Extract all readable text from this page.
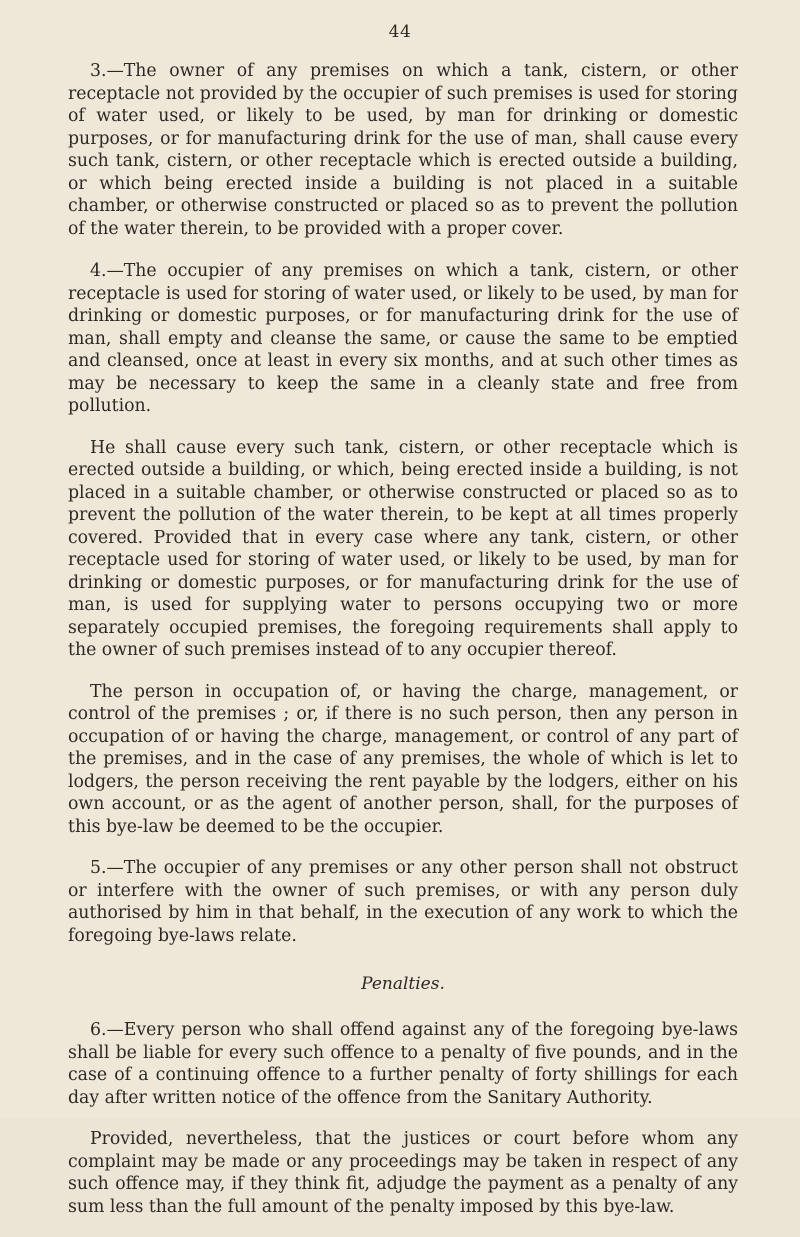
44

3.—The owner of any premises on which a tank, cistern, or other receptacle not provided by the occupier of such premises is used for storing of water used, or likely to be used, by man for drinking or domestic purposes, or for manufacturing drink for the use of man, shall cause every such tank, cistern, or other receptacle which is erected outside a building, or which being erected inside a building is not placed in a suitable chamber, or otherwise constructed or placed so as to prevent the pollution of the water therein, to be provided with a proper cover.

4.—The occupier of any premises on which a tank, cistern, or other receptacle is used for storing of water used, or likely to be used, by man for drinking or domestic purposes, or for manufacturing drink for the use of man, shall empty and cleanse the same, or cause the same to be emptied and cleansed, once at least in every six months, and at such other times as may be necessary to keep the same in a cleanly state and free from pollution.

He shall cause every such tank, cistern, or other receptacle which is erected outside a building, or which, being erected inside a building, is not placed in a suitable chamber, or otherwise constructed or placed so as to prevent the pollution of the water therein, to be kept at all times properly covered. Provided that in every case where any tank, cistern, or other receptacle used for storing of water used, or likely to be used, by man for drinking or domestic purposes, or for manufacturing drink for the use of man, is used for supplying water to persons occupying two or more separately occupied premises, the foregoing requirements shall apply to the owner of such premises instead of to any occupier thereof.

The person in occupation of, or having the charge, management, or control of the premises ; or, if there is no such person, then any person in occupation of or having the charge, management, or control of any part of the premises, and in the case of any premises, the whole of which is let to lodgers, the person receiving the rent payable by the lodgers, either on his own account, or as the agent of another person, shall, for the purposes of this bye-law be deemed to be the occupier.

5.—The occupier of any premises or any other person shall not obstruct or interfere with the owner of such premises, or with any person duly authorised by him in that behalf, in the execution of any work to which the foregoing bye-laws relate.

Penalties.

6.—Every person who shall offend against any of the foregoing bye-laws shall be liable for every such offence to a penalty of five pounds, and in the case of a continuing offence to a further penalty of forty shillings for each day after written notice of the offence from the Sanitary Authority.

Provided, nevertheless, that the justices or court before whom any complaint may be made or any proceedings may be taken in respect of any such offence may, if they think fit, adjudge the payment as a penalty of any sum less than the full amount of the penalty imposed by this bye-law.
